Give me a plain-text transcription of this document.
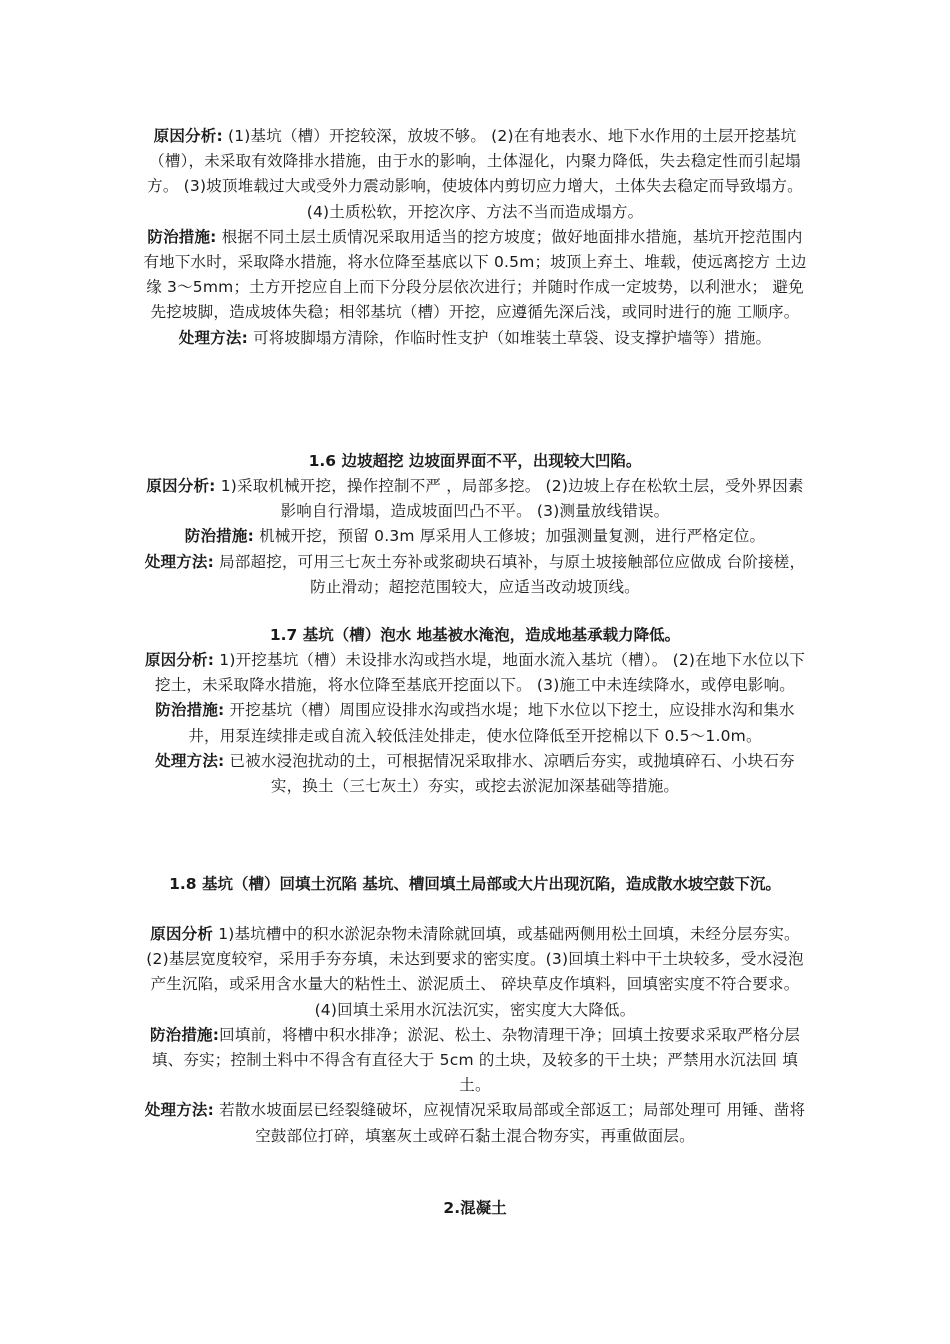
原因分析: (1)基坑（槽）开挖较深，放坡不够。 (2)在有地表水、地下水作用的土层开挖基坑（槽），未采取有效降排水措施，由于水的影响，土体湿化，内聚力降低，失去稳定性而引起塌方。 (3)坡顶堆载过大或受外力震动影响，使坡体内剪切应力增大，土体失去稳定而导致塌方。(4)土质松软，开挖次序、方法不当而造成塌方。

防治措施: 根据不同土层土质情况采取用适当的挖方坡度；做好地面排水措施，基坑开挖范围内有地下水时，采取降水措施，将水位降至基底以下 0.5m；坡顶上弃土、堆载，使远离挖方 土边缘 3～5mm；土方开挖应自上而下分段分层依次进行；并随时作成一定坡势，以利泄水； 避免先挖坡脚，造成坡体失稳；相邻基坑（槽）开挖，应遵循先深后浅，或同时进行的施 工顺序。

处理方法: 可将坡脚塌方清除，作临时性支护（如堆装土草袋、设支撑护墙等）措施。

1.6 边坡超挖 边坡面界面不平，出现较大凹陷。

原因分析: 1)采取机械开挖，操作控制不严 ，局部多挖。 (2)边坡上存在松软土层，受外界因素影响自行滑塌，造成坡面凹凸不平。 (3)测量放线错误。

防治措施: 机械开挖，预留 0.3m 厚采用人工修坡；加强测量复测，进行严格定位。

处理方法: 局部超挖，可用三七灰土夯补或浆砌块石填补，与原土坡接触部位应做成 台阶接槎，防止滑动；超挖范围较大，应适当改动坡顶线。

1.7 基坑（槽）泡水 地基被水淹泡，造成地基承载力降低。

原因分析: 1)开挖基坑（槽）未设排水沟或挡水堤，地面水流入基坑（槽）。 (2)在地下水位以下挖土，未采取降水措施，将水位降至基底开挖面以下。 (3)施工中未连续降水，或停电影响。

防治措施: 开挖基坑（槽）周围应设排水沟或挡水堤；地下水位以下挖土，应设排水沟和集水井，用泵连续排走或自流入较低洼处排走，使水位降低至开挖棉以下 0.5～1.0m。

处理方法: 已被水浸泡扰动的土，可根据情况采取排水、凉晒后夯实，或抛填碎石、小块石夯实，换土（三七灰土）夯实，或挖去淤泥加深基础等措施。

1.8 基坑（槽）回填土沉陷 基坑、槽回填土局部或大片出现沉陷，造成散水坡空鼓下沉。

原因分析 1)基坑槽中的积水淤泥杂物未清除就回填，或基础两侧用松土回填，未经分层夯实。(2)基层宽度较窄，采用手夯夯填，未达到要求的密实度。(3)回填土料中干土块较多，受水浸泡产生沉陷，或采用含水量大的粘性土、淤泥质土、 碎块草皮作填料，回填密实度不符合要求。(4)回填土采用水沉法沉实，密实度大大降低。

防治措施:回填前，将槽中积水排净；淤泥、松土、杂物清理干净；回填土按要求采取严格分层填、夯实；控制土料中不得含有直径大于 5cm 的土块，及较多的干土块；严禁用水沉法回 填土。

处理方法: 若散水坡面层已经裂缝破坏，应视情况采取局部或全部返工；局部处理可 用锤、凿将空鼓部位打碎，填塞灰土或碎石黏土混合物夯实，再重做面层。

2.混凝土
